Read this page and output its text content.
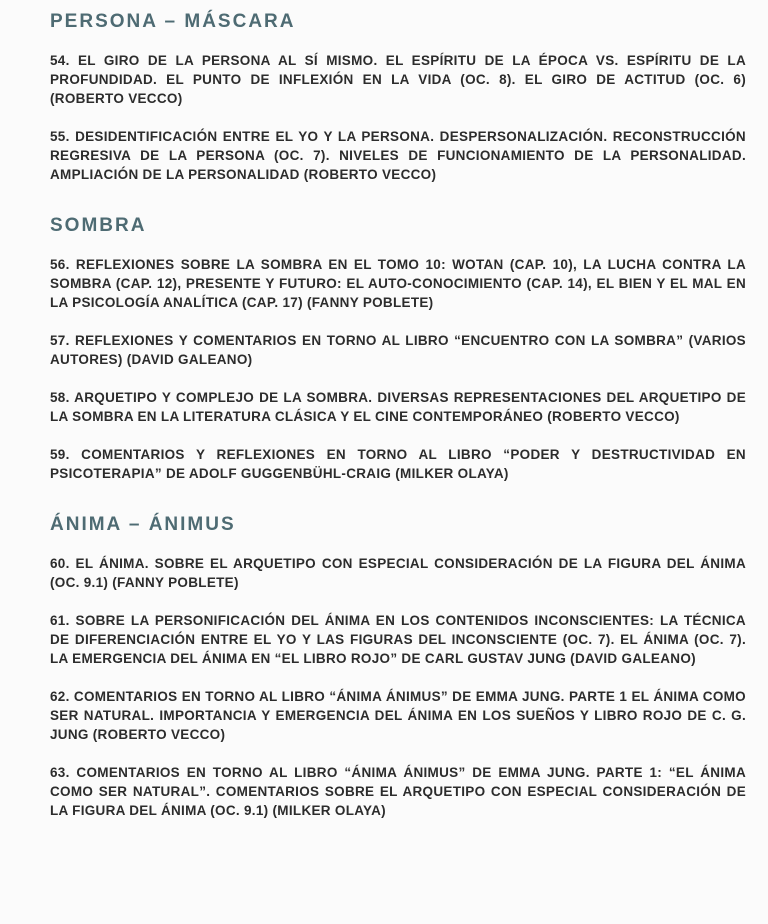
PERSONA – MÁSCARA

54. EL GIRO DE LA PERSONA AL SÍ MISMO. EL ESPÍRITU DE LA ÉPOCA VS. ESPÍRITU DE LA PROFUNDIDAD. EL PUNTO DE INFLEXIÓN EN LA VIDA (OC. 8). EL GIRO DE ACTITUD (OC. 6) (ROBERTO VECCO)

55. DESIDENTIFICACIÓN ENTRE EL YO Y LA PERSONA. DESPERSONALIZACIÓN. RECONSTRUCCIÓN REGRESIVA DE LA PERSONA (OC. 7). NIVELES DE FUNCIONAMIENTO DE LA PERSONALIDAD. AMPLIACIÓN DE LA PERSONALIDAD (ROBERTO VECCO)

SOMBRA

56. REFLEXIONES SOBRE LA SOMBRA EN EL TOMO 10: WOTAN (CAP. 10), LA LUCHA CONTRA LA SOMBRA (CAP. 12), PRESENTE Y FUTURO: EL AUTO-CONOCIMIENTO (CAP. 14), EL BIEN Y EL MAL EN LA PSICOLOGÍA ANALÍTICA (CAP. 17) (FANNY POBLETE)

57. REFLEXIONES Y COMENTARIOS EN TORNO AL LIBRO “ENCUENTRO CON LA SOMBRA” (VARIOS AUTORES) (DAVID GALEANO)

58. ARQUETIPO Y COMPLEJO DE LA SOMBRA. DIVERSAS REPRESENTACIONES DEL ARQUETIPO DE LA SOMBRA EN LA LITERATURA CLÁSICA Y EL CINE CONTEMPORÁNEO (ROBERTO VECCO)

59. COMENTARIOS Y REFLEXIONES EN TORNO AL LIBRO “PODER Y DESTRUCTIVIDAD EN PSICOTERAPIA” DE ADOLF GUGGENBÜHL-CRAIG (MILKER OLAYA)

ÁNIMA – ÁNIMUS

60. EL ÁNIMA. SOBRE EL ARQUETIPO CON ESPECIAL CONSIDERACIÓN DE LA FIGURA DEL ÁNIMA (OC. 9.1) (FANNY POBLETE)

61. SOBRE LA PERSONIFICACIÓN DEL ÁNIMA EN LOS CONTENIDOS INCONSCIENTES: LA TÉCNICA DE DIFERENCIACIÓN ENTRE EL YO Y LAS FIGURAS DEL INCONSCIENTE (OC. 7). EL ÁNIMA (OC. 7). LA EMERGENCIA DEL ÁNIMA EN “EL LIBRO ROJO” DE CARL GUSTAV JUNG (DAVID GALEANO)

62. COMENTARIOS EN TORNO AL LIBRO “ÁNIMA ÁNIMUS” DE EMMA JUNG. PARTE 1 EL ÁNIMA COMO SER NATURAL. IMPORTANCIA Y EMERGENCIA DEL ÁNIMA EN LOS SUEÑOS Y LIBRO ROJO DE C. G. JUNG (ROBERTO VECCO)

63. COMENTARIOS EN TORNO AL LIBRO “ÁNIMA ÁNIMUS” DE EMMA JUNG. PARTE 1: “EL ÁNIMA COMO SER NATURAL”. COMENTARIOS SOBRE EL ARQUETIPO CON ESPECIAL CONSIDERACIÓN DE LA FIGURA DEL ÁNIMA (OC. 9.1) (MILKER OLAYA)
